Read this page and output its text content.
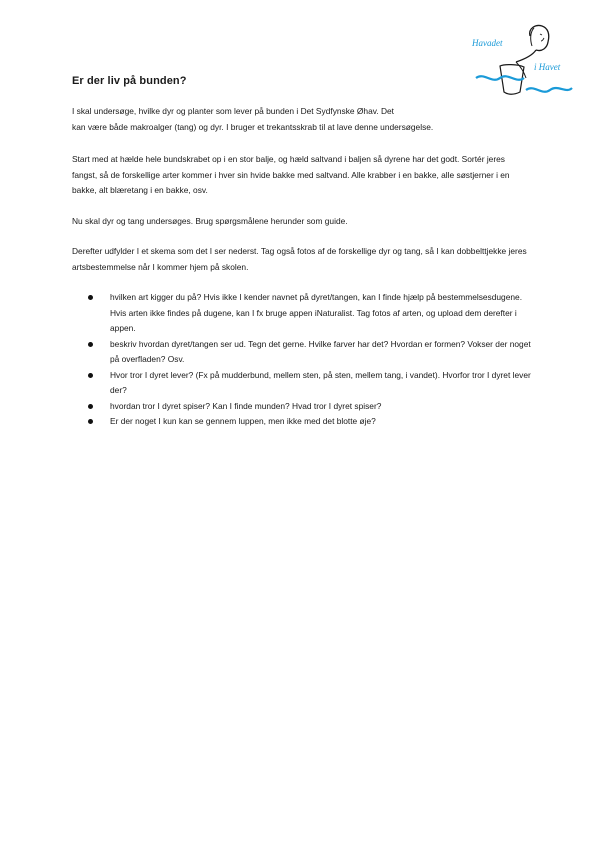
Havadet
i Havet
Er der liv på bunden?

I skal undersøge, hvilke dyr og planter som lever på bunden i Det Sydfynske Øhav. Det
kan være både makroalger (tang) og dyr. I bruger et trekantsskrab til at lave denne undersøgelse.

Start med at hælde hele bundskrabet op i en stor balje, og hæld saltvand i baljen så dyrene har det godt. Sortér jeres fangst, så de forskellige arter kommer i hver sin hvide bakke med saltvand. Alle krabber i en bakke, alle søstjerner i en bakke, alt blæretang i en bakke, osv.

Nu skal dyr og tang undersøges. Brug spørgsmålene herunder som guide.

Derefter udfylder I et skema som det I ser nederst. Tag også fotos af de forskellige dyr og tang, så I kan dobbelttjekke jeres artsbestemmelse når I kommer hjem på skolen.

hvilken art kigger du på? Hvis ikke I kender navnet på dyret/tangen, kan I finde hjælp på bestemmelsesdugene. Hvis arten ikke findes på dugene, kan I fx bruge appen iNaturalist. Tag fotos af arten, og upload dem derefter i appen.
beskriv hvordan dyret/tangen ser ud. Tegn det gerne. Hvilke farver har det? Hvordan er formen? Vokser der noget på overfladen? Osv.
Hvor tror I dyret lever? (Fx på mudderbund, mellem sten, på sten, mellem tang, i vandet). Hvorfor tror I dyret lever der?
hvordan tror I dyret spiser? Kan I finde munden? Hvad tror I dyret spiser?
Er der noget I kun kan se gennem luppen, men ikke med det blotte øje?
